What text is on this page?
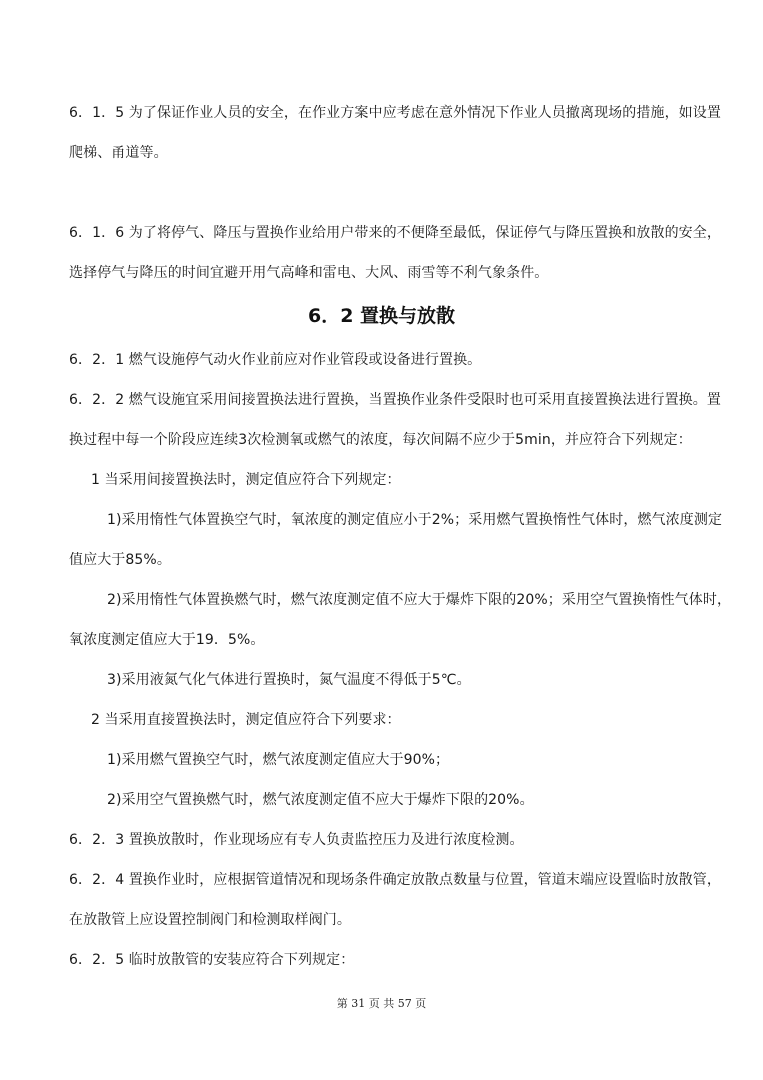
6．1．5 为了保证作业人员的安全，在作业方案中应考虑在意外情况下作业人员撤离现场的措施，如设置
爬梯、甬道等。
6．1．6 为了将停气、降压与置换作业给用户带来的不便降至最低，保证停气与降压置换和放散的安全，
选择停气与降压的时间宜避开用气高峰和雷电、大风、雨雪等不利气象条件。
6．2 置换与放散
6．2．1 燃气设施停气动火作业前应对作业管段或设备进行置换。
6．2．2 燃气设施宜采用间接置换法进行置换，当置换作业条件受限时也可采用直接置换法进行置换。置
换过程中每一个阶段应连续3次检测氧或燃气的浓度，每次间隔不应少于5min，并应符合下列规定：
1 当采用间接置换法时，测定值应符合下列规定：
1)采用惰性气体置换空气时，氧浓度的测定值应小于2%；采用燃气置换惰性气体时，燃气浓度测定
值应大于85%。
2)采用惰性气体置换燃气时，燃气浓度测定值不应大于爆炸下限的20%；采用空气置换惰性气体时，
氧浓度测定值应大于19．5%。
3)采用液氮气化气体进行置换时，氮气温度不得低于5℃。
2 当采用直接置换法时，测定值应符合下列要求：
1)采用燃气置换空气时，燃气浓度测定值应大于90%；
2)采用空气置换燃气时，燃气浓度测定值不应大于爆炸下限的20%。
6．2．3 置换放散时，作业现场应有专人负责监控压力及进行浓度检测。
6．2．4 置换作业时，应根据管道情况和现场条件确定放散点数量与位置，管道末端应设置临时放散管，
在放散管上应设置控制阀门和检测取样阀门。
6．2．5 临时放散管的安装应符合下列规定：
第 31 页 共 57 页
